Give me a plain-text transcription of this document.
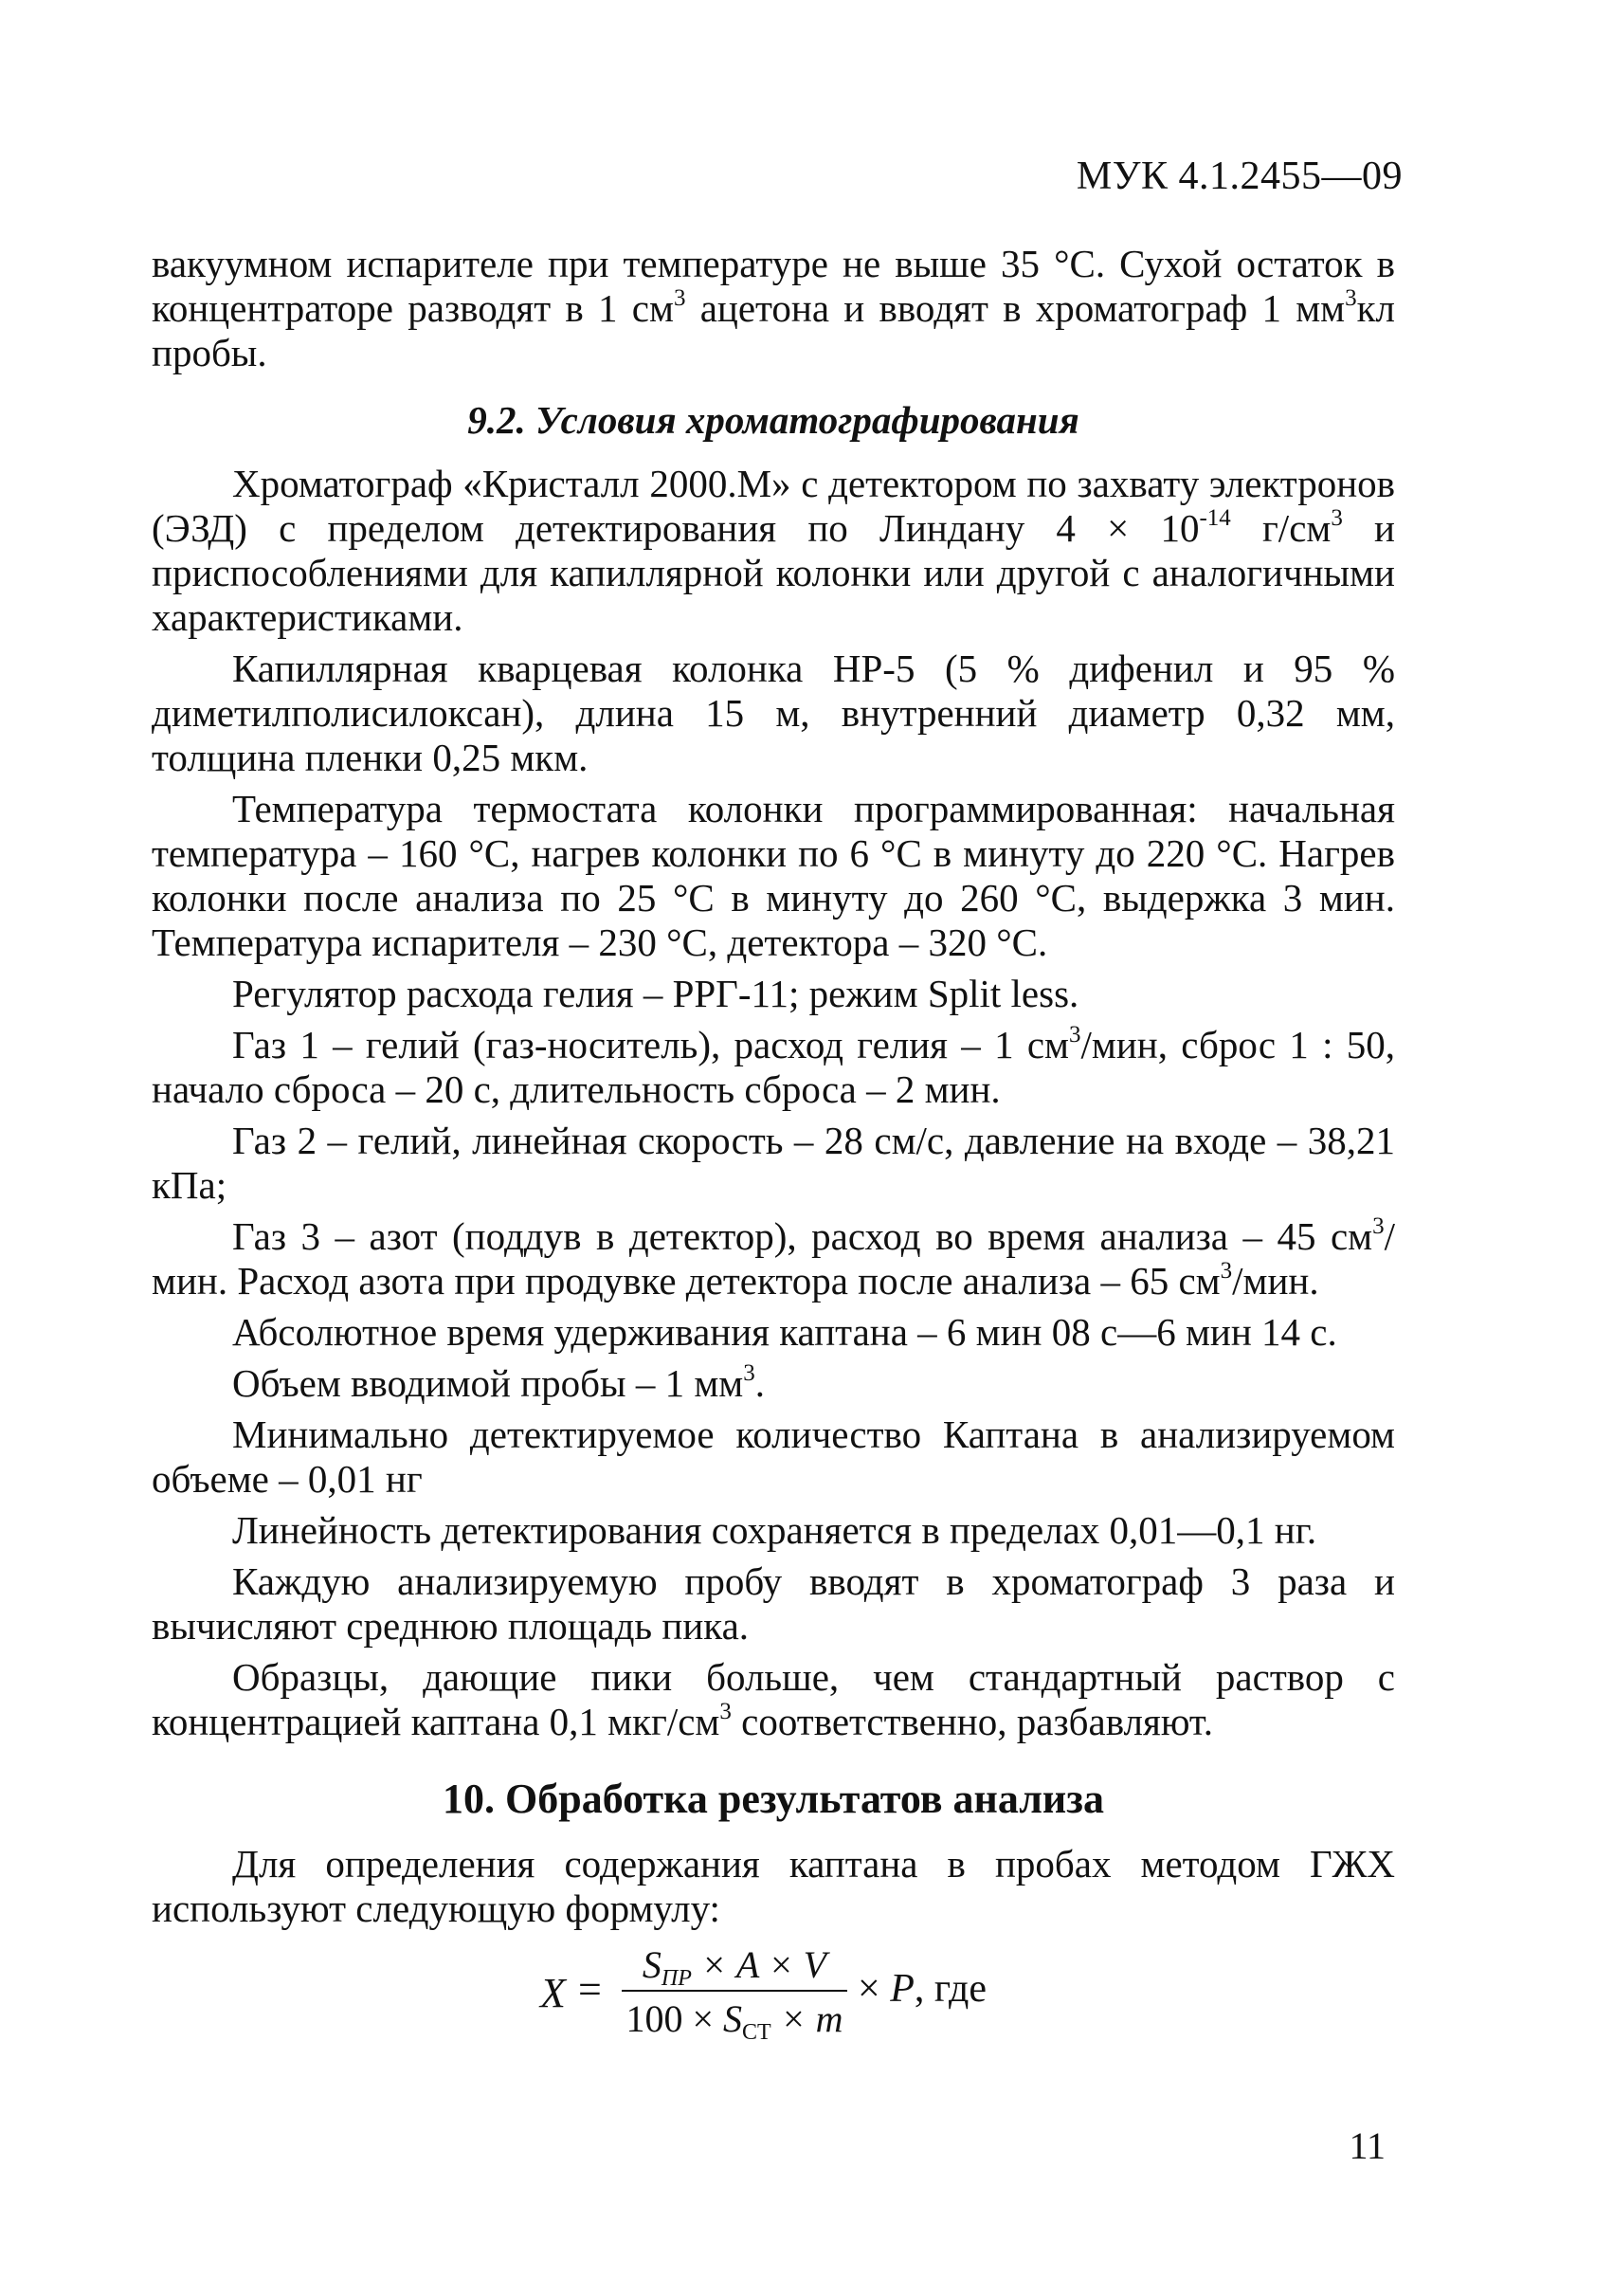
МУК 4.1.2455—09

вакуумном испарителе при температуре не выше 35 °С. Сухой остаток в концентраторе разводят в 1 $см^3$ ацетона и вводят в хроматограф 1 $мм^3кл$ пробы.

9.2. Условия хроматографирования

Хроматограф «Кристалл 2000.М» с детектором по захвату электронов (ЭЗД) с пределом детектирования по Линдану $4 \times 10^{-14}$ $г/см^3$ и приспособлениями для капиллярной колонки или другой с аналогичными характеристиками.

Капиллярная кварцевая колонка HP-5 (5 % дифенил и 95 % диметилполисилоксан), длина 15 м, внутренний диаметр 0,32 мм, толщина пленки 0,25 мкм.

Температура термостата колонки программированная: начальная температура – 160 °С, нагрев колонки по 6 °С в минуту до 220 °С. Нагрев колонки после анализа по 25 °С в минуту до 260 °С, выдержка 3 мин. Температура испарителя – 230 °С, детектора – 320 °С.

Регулятор расхода гелия – РРГ-11; режим Split less.

Газ 1 – гелий (газ-носитель), расход гелия – 1 $см^3$/мин, сброс 1 : 50, начало сброса – 20 с, длительность сброса – 2 мин.

Газ 2 – гелий, линейная скорость – 28 см/с, давление на входе – 38,21 кПа;

Газ 3 – азот (поддув в детектор), расход во время анализа – 45 $см^3$/мин. Расход азота при продувке детектора после анализа – 65 $см^3$/мин.

Абсолютное время удерживания каптана – 6 мин 08 с—6 мин 14 с.

Объем вводимой пробы – 1 $мм^3$.

Минимально детектируемое количество Каптана в анализируемом объеме – 0,01 нг

Линейность детектирования сохраняется в пределах 0,01—0,1 нг.

Каждую анализируемую пробу вводят в хроматограф 3 раза и вычисляют среднюю площадь пика.

Образцы, дающие пики больше, чем стандартный раствор с концентрацией каптана 0,1 мкг/$см^3$ соответственно, разбавляют.

10. Обработка результатов анализа

Для определения содержания каптана в пробах методом ГЖХ используют следующую формулу:

X =
$S_{ПР} \times A \times V$
$100 \times S_{СТ} \times m$
× P, где
11
